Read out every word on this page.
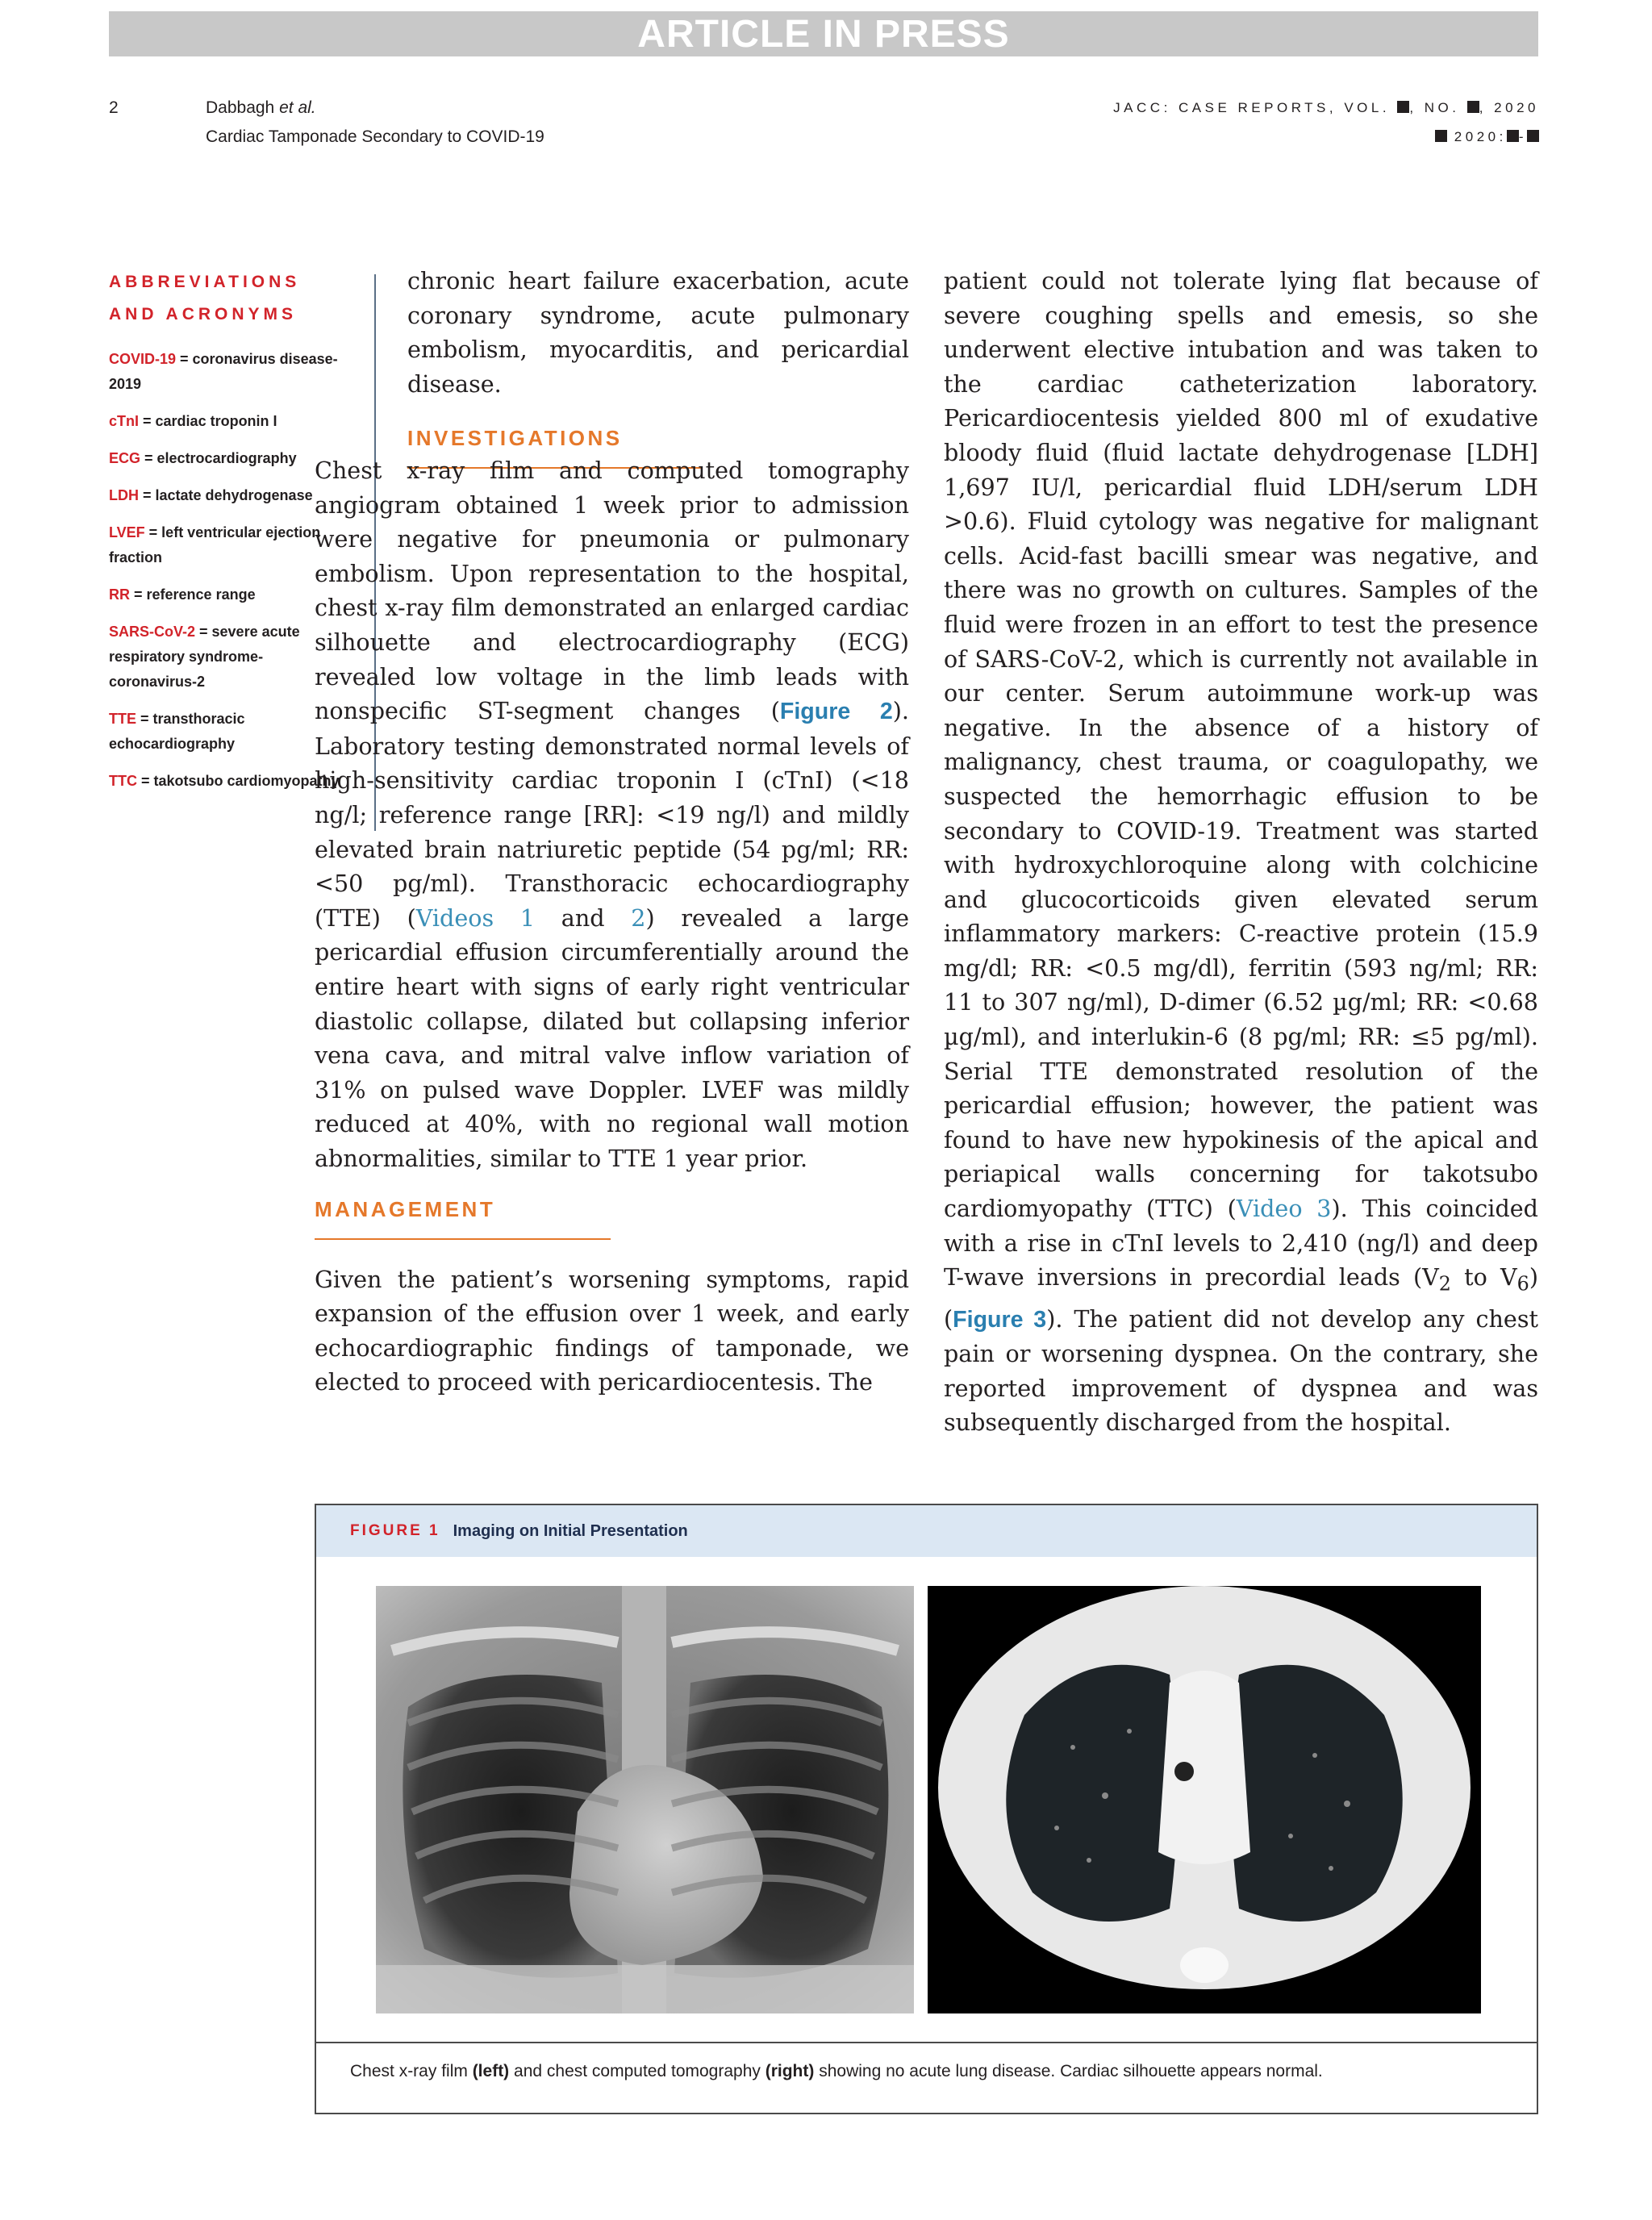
ARTICLE IN PRESS
2	Dabbagh et al.
Cardiac Tamponade Secondary to COVID-19
JACC: CASE REPORTS, VOL. , NO. , 2020
2020: -
ABBREVIATIONS
AND ACRONYMS
COVID-19 = coronavirus disease-2019
cTnI = cardiac troponin I
ECG = electrocardiography
LDH = lactate dehydrogenase
LVEF = left ventricular ejection fraction
RR = reference range
SARS-CoV-2 = severe acute respiratory syndrome-coronavirus-2
TTE = transthoracic echocardiography
TTC = takotsubo cardiomyopathy

chronic heart failure exacerbation, acute coronary syndrome, acute pulmonary embolism, myocarditis, and pericardial disease.

INVESTIGATIONS

Chest x-ray film and computed tomography angiogram obtained 1 week prior to admission were negative for pneumonia or pulmonary embolism. Upon representation to the hospital, chest x-ray film demonstrated an enlarged cardiac silhouette and electrocardiography (ECG) revealed low voltage in the limb leads with nonspecific ST-segment changes (Figure 2). Laboratory testing demonstrated normal levels of high-sensitivity cardiac troponin I (cTnI) (<18 ng/l; reference range [RR]: <19 ng/l) and mildly elevated brain natriuretic peptide (54 pg/ml; RR: <50 pg/ml). Transthoracic echocardiography (TTE) (Videos 1 and 2) revealed a large pericardial effusion circumferentially around the entire heart with signs of early right ventricular diastolic collapse, dilated but collapsing inferior vena cava, and mitral valve inflow variation of 31% on pulsed wave Doppler. LVEF was mildly reduced at 40%, with no regional wall motion abnormalities, similar to TTE 1 year prior.

MANAGEMENT

Given the patient’s worsening symptoms, rapid expansion of the effusion over 1 week, and early echocardiographic findings of tamponade, we elected to proceed with pericardiocentesis. The

patient could not tolerate lying flat because of severe coughing spells and emesis, so she underwent elective intubation and was taken to the cardiac catheterization laboratory. Pericardiocentesis yielded 800 ml of exudative bloody fluid (fluid lactate dehydrogenase [LDH] 1,697 IU/l, pericardial fluid LDH/serum LDH >0.6). Fluid cytology was negative for malignant cells. Acid-fast bacilli smear was negative, and there was no growth on cultures. Samples of the fluid were frozen in an effort to test the presence of SARS-CoV-2, which is currently not available in our center. Serum autoimmune work-up was negative. In the absence of a history of malignancy, chest trauma, or coagulopathy, we suspected the hemorrhagic effusion to be secondary to COVID-19. Treatment was started with hydroxychloroquine along with colchicine and glucocorticoids given elevated serum inflammatory markers: C-reactive protein (15.9 mg/dl; RR: <0.5 mg/dl), ferritin (593 ng/ml; RR: 11 to 307 ng/ml), D-dimer (6.52 µg/ml; RR: <0.68 µg/ml), and interlukin-6 (8 pg/ml; RR: ≤5 pg/ml). Serial TTE demonstrated resolution of the pericardial effusion; however, the patient was found to have new hypokinesis of the apical and periapical walls concerning for takotsubo cardiomyopathy (TTC) (Video 3). This coincided with a rise in cTnI levels to 2,410 (ng/l) and deep T-wave inversions in precordial leads ($V_2$ to $V_6$) (Figure 3). The patient did not develop any chest pain or worsening dyspnea. On the contrary, she reported improvement of dyspnea and was subsequently discharged from the hospital.

FIGURE 1 Imaging on Initial Presentation
Chest x-ray film (left) and chest computed tomography (right) showing no acute lung disease. Cardiac silhouette appears normal.
